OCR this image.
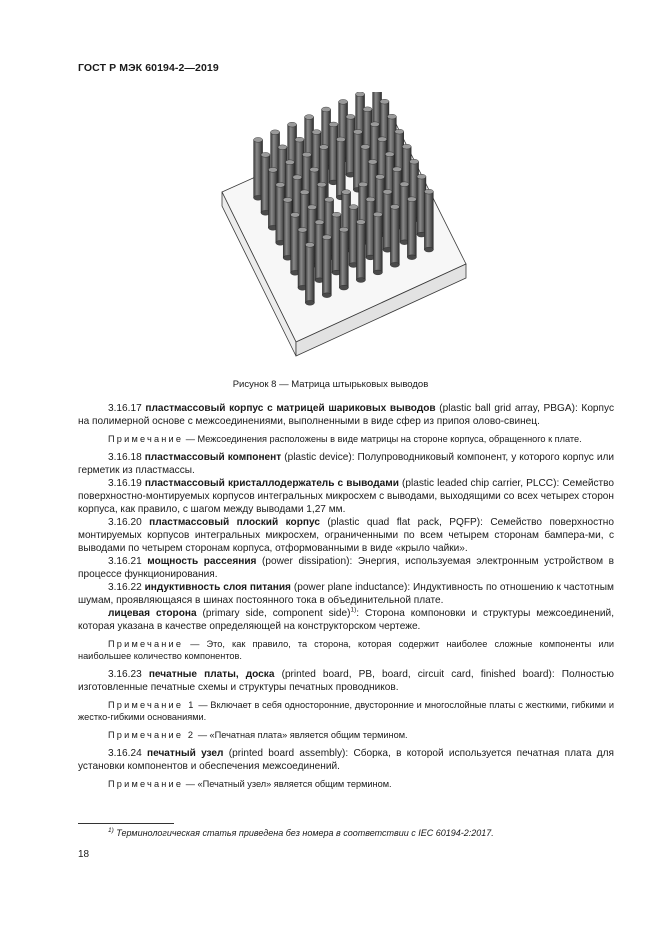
ГОСТ Р МЭК 60194-2—2019
Рисунок 8 — Матрица штырьковых выводов

3.16.17 пластмассовый корпус с матрицей шариковых выводов (plastic ball grid array, PBGA): Корпус на полимерной основе с межсоединениями, выполненными в виде сфер из припоя олово-свинец.

Примечание — Межсоединения расположены в виде матрицы на стороне корпуса, обращенного к плате.

3.16.18 пластмассовый компонент (plastic device): Полупроводниковый компонент, у которого корпус или герметик из пластмассы.

3.16.19 пластмассовый кристаллодержатель с выводами (plastic leaded chip carrier, PLCC): Семейство поверхностно-монтируемых корпусов интегральных микросхем с выводами, выходящими со всех четырех сторон корпуса, как правило, с шагом между выводами 1,27 мм.

3.16.20 пластмассовый плоский корпус (plastic quad flat pack, PQFP): Семейство поверхностно монтируемых корпусов интегральных микросхем, ограниченными по всем четырем сторонам бампера-ми, с выводами по четырем сторонам корпуса, отформованными в виде «крыло чайки».

3.16.21 мощность рассеяния (power dissipation): Энергия, используемая электронным устройством в процессе функционирования.

3.16.22 индуктивность слоя питания (power plane inductance): Индуктивность по отношению к частотным шумам, проявляющаяся в шинах постоянного тока в объединительной плате.

лицевая сторона (primary side, component side)$^{1)}$: Сторона компоновки и структуры межсоединений, которая указана в качестве определяющей на конструкторском чертеже.

Примечание — Это, как правило, та сторона, которая содержит наиболее сложные компоненты или наибольшее количество компонентов.

3.16.23 печатные платы, доска (printed board, PB, board, circuit card, finished board): Полностью изготовленные печатные схемы и структуры печатных проводников.

Примечание 1 — Включает в себя односторонние, двусторонние и многослойные платы с жесткими, гибкими и жестко-гибкими основаниями.

Примечание 2 — «Печатная плата» является общим термином.

3.16.24 печатный узел (printed board assembly): Сборка, в которой используется печатная плата для установки компонентов и обеспечения межсоединений.

Примечание — «Печатный узел» является общим термином.

$^{1)}$ Терминологическая статья приведена без номера в соответствии с IEC 60194-2:2017.
18
